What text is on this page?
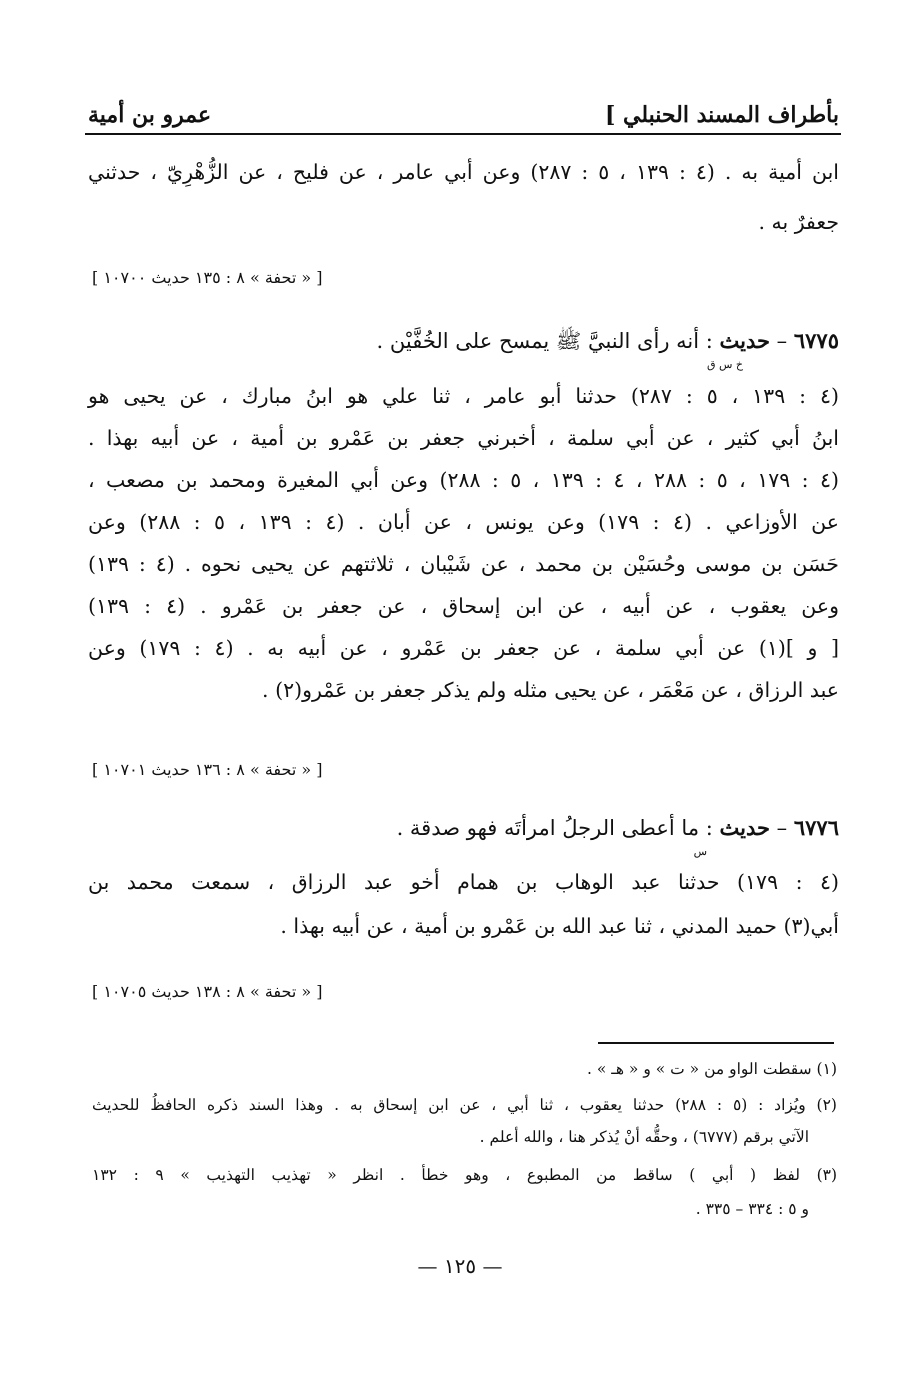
بأطراف المسند الحنبلي ]
عمرو بن أمية
ابن أمية به . (٤ : ١٣٩ ، ٥ : ٢٨٧) وعن أبي عامر ، عن فليح ، عن الزُّهْرِيّ ، حدثني
جعفرٌ به .
[ « تحفة » ٨ : ١٣٥ حديث ١٠٧٠٠ ]
٦٧٧٥ – حديث : أنه رأى النبيَّ ﷺ يمسح على الخُفَّيْن .
خ س ق
(٤ : ١٣٩ ، ٥ : ٢٨٧) حدثنا أبو عامر ، ثنا علي هو ابنُ مبارك ، عن يحيى هو
ابنُ أبي كثير ، عن أبي سلمة ، أخبرني جعفر بن عَمْرو بن أمية ، عن أبيه بهذا .
(٤ : ١٧٩ ، ٥ : ٢٨٨ ، ٤ : ١٣٩ ، ٥ : ٢٨٨) وعن أبي المغيرة ومحمد بن مصعب ،
عن الأوزاعي . (٤ : ١٧٩) وعن يونس ، عن أبان . (٤ : ١٣٩ ، ٥ : ٢٨٨) وعن
حَسَن بن موسى وحُسَيْن بن محمد ، عن شَيْبان ، ثلاثتهم عن يحيى نحوه . (٤ : ١٣٩)
وعن يعقوب ، عن أبيه ، عن ابن إسحاق ، عن جعفر بن عَمْرو . (٤ : ١٣٩)
[ و ](١) عن أبي سلمة ، عن جعفر بن عَمْرو ، عن أبيه به . (٤ : ١٧٩) وعن
عبد الرزاق ، عن مَعْمَر ، عن يحيى مثله ولم يذكر جعفر بن عَمْرو(٢) .
[ « تحفة » ٨ : ١٣٦ حديث ١٠٧٠١ ]
٦٧٧٦ – حديث : ما أعطى الرجلُ امرأتَه فهو صدقة .
س
(٤ : ١٧٩) حدثنا عبد الوهاب بن همام أخو عبد الرزاق ، سمعت محمد بن
أبي(٣) حميد المدني ، ثنا عبد الله بن عَمْرو بن أمية ، عن أبيه بهذا .
[ « تحفة » ٨ : ١٣٨ حديث ١٠٧٠٥ ]
(١) سقطت الواو من « ت » و « هـ » .
(٢) ويُزاد : (٥ : ٢٨٨) حدثنا يعقوب ، ثنا أبي ، عن ابن إسحاق به . وهذا السند ذكره الحافظُ للحديث
الآتي برقم (٦٧٧٧) ، وحقُّه أنْ يُذكر هنا ، والله أعلم .
(٣) لفظ ( أبي ) ساقط من المطبوع ، وهو خطأ . انظر « تهذيب التهذيب » ٩ : ١٣٢
و ٥ : ٣٣٤ – ٣٣٥ .
— ١٢٥ —
